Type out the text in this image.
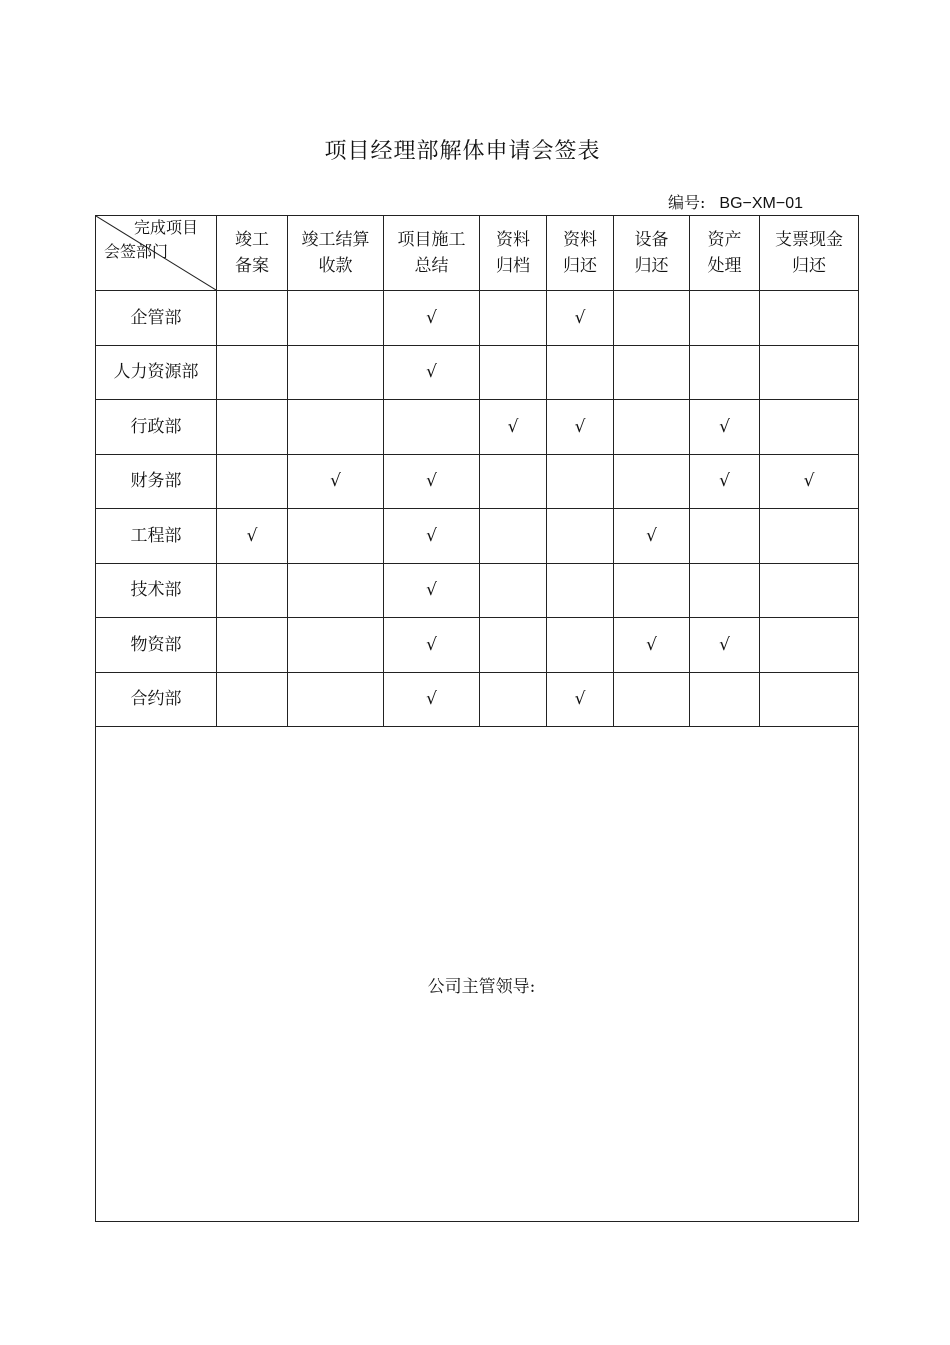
项目经理部解体申请会签表
编号: BG−XM−01
完成项目
会签部门	竣工备案	竣工结算收款	项目施工总结	资料归档	资料归还	设备归还	资产处理	支票现金归还
企管部			√		√			
人力资源部			√					
行政部				√	√		√	
财务部		√	√				√	√
工程部	√		√			√		
技术部			√					
物资部			√			√	√	
合约部			√		√			

公司主管领导:								
